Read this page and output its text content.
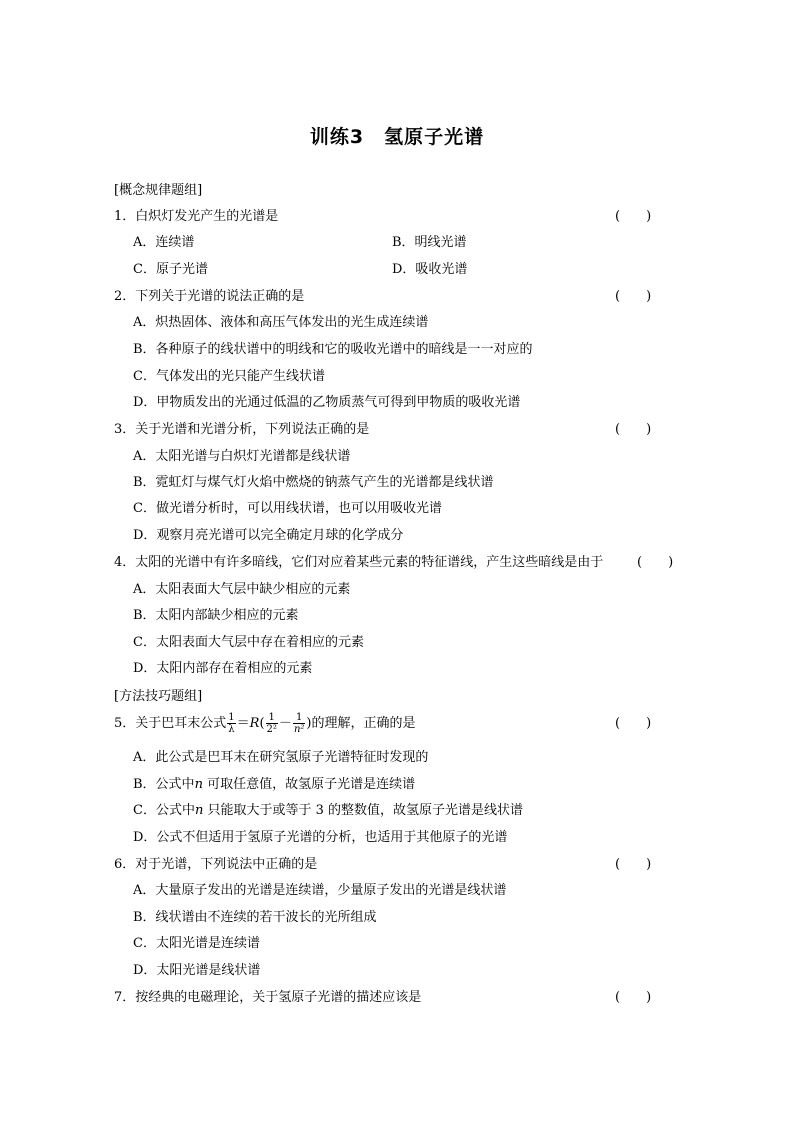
训练3　氢原子光谱
[概念规律题组]
1．白炽灯发光产生的光谱是	(　　)
A．连续谱	B．明线光谱
C．原子光谱	D．吸收光谱
2．下列关于光谱的说法正确的是	(　　)
A．炽热固体、液体和高压气体发出的光生成连续谱
B．各种原子的线状谱中的明线和它的吸收光谱中的暗线是一一对应的
C．气体发出的光只能产生线状谱
D．甲物质发出的光通过低温的乙物质蒸气可得到甲物质的吸收光谱
3．关于光谱和光谱分析，下列说法正确的是	(　　)
A．太阳光谱与白炽灯光谱都是线状谱
B．霓虹灯与煤气灯火焰中燃烧的钠蒸气产生的光谱都是线状谱
C．做光谱分析时，可以用线状谱，也可以用吸收光谱
D．观察月亮光谱可以完全确定月球的化学成分
4．太阳的光谱中有许多暗线，它们对应着某些元素的特征谱线，产生这些暗线是由于	(　　)
A．太阳表面大气层中缺少相应的元素
B．太阳内部缺少相应的元素
C．太阳表面大气层中存在着相应的元素
D．太阳内部存在着相应的元素
[方法技巧题组]
5．关于巴耳末公式 $\frac{1}{\lambda} =R( \frac{1}{\text{2²}} - \frac{1}{\text{n²}}$ )的理解，正确的是	(　　)
A．此公式是巴耳末在研究氢原子光谱特征时发现的
B．公式中n 可取任意值，故氢原子光谱是连续谱
C．公式中n 只能取大于或等于 3 的整数值，故氢原子光谱是线状谱
D．公式不但适用于氢原子光谱的分析，也适用于其他原子的光谱
6．对于光谱，下列说法中正确的是	(　　)
A．大量原子发出的光谱是连续谱，少量原子发出的光谱是线状谱
B．线状谱由不连续的若干波长的光所组成
C．太阳光谱是连续谱
D．太阳光谱是线状谱
7．按经典的电磁理论，关于氢原子光谱的描述应该是	(　　)
